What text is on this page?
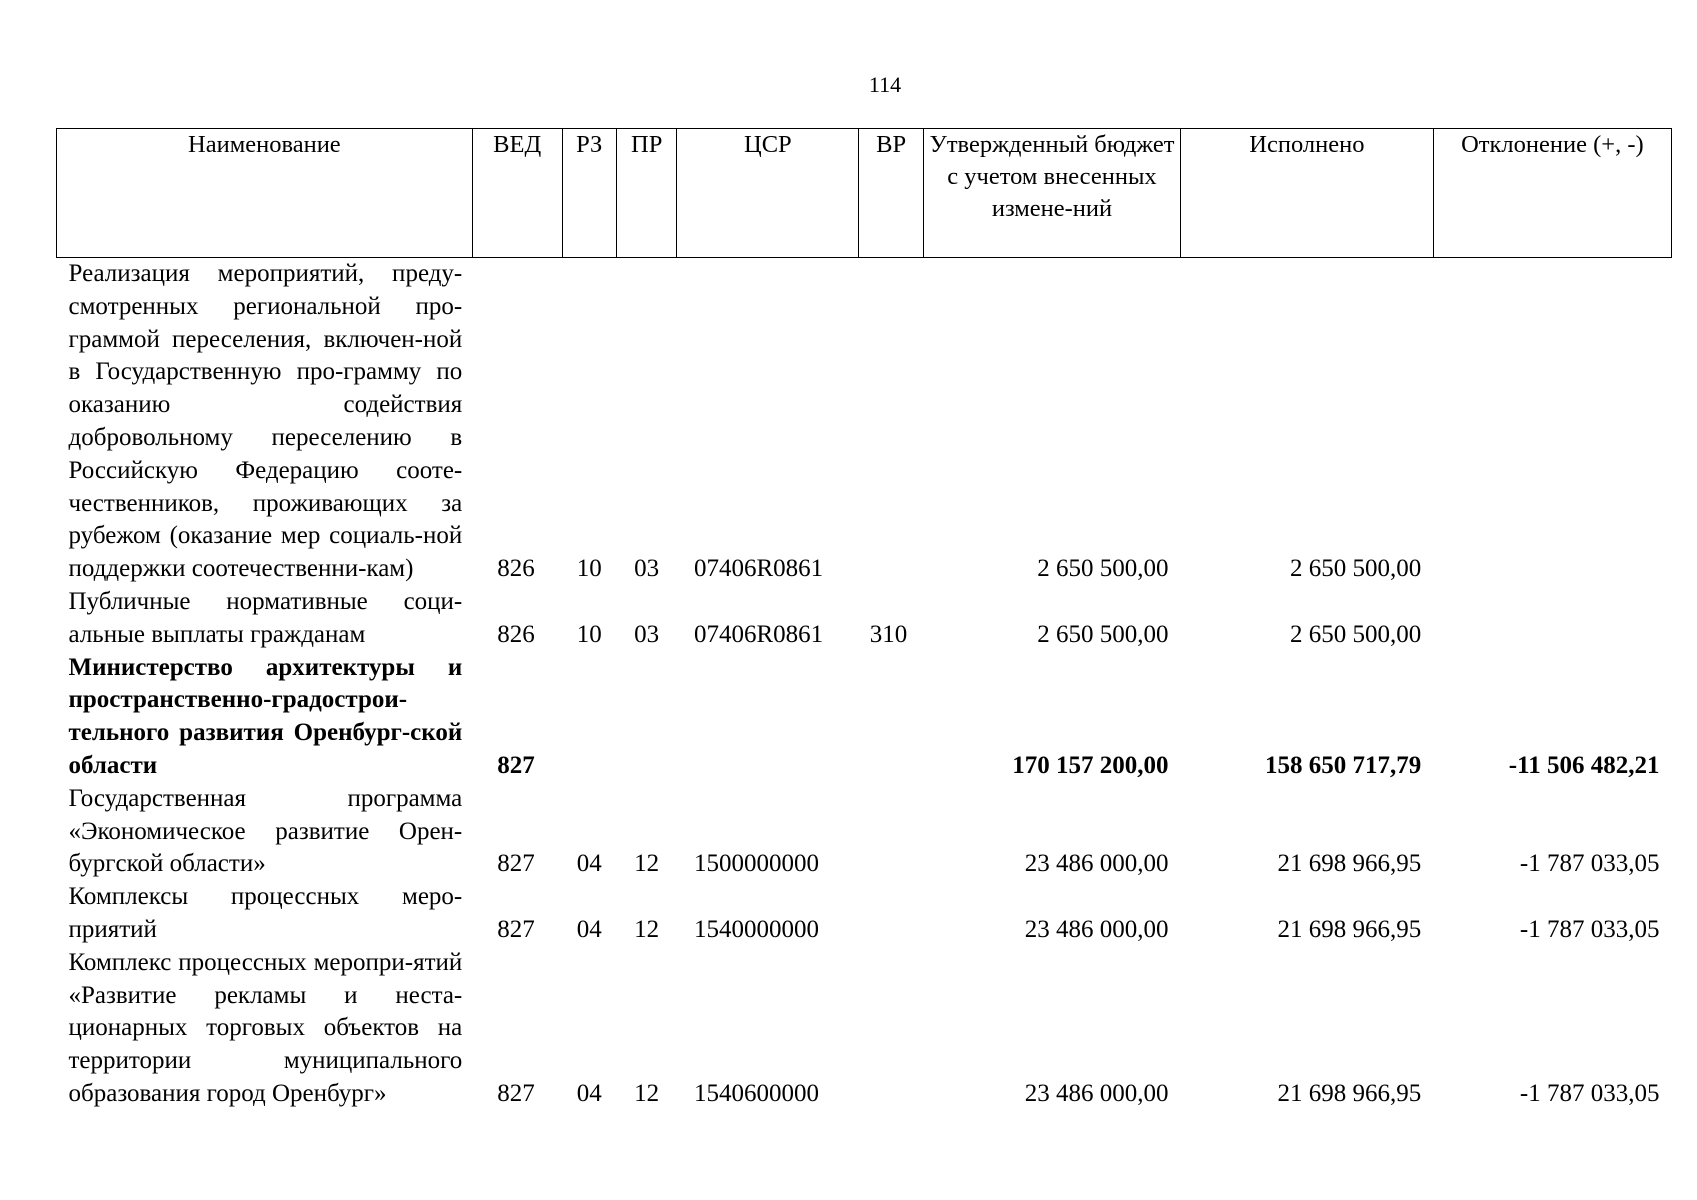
114
Наименование	ВЕД	РЗ	ПР	ЦСР	ВР	Утвержденный бюджет с учетом внесенных измене-ний	Исполнено	Отклонение (+, -)
Реализация мероприятий, преду-смотренных региональной про-граммой переселения, включен-ной в Государственную про-грамму по оказанию содействия добровольному переселению в Российскую Федерацию сооте-чественников, проживающих за рубежом (оказание мер социаль-ной поддержки соотечественни-кам)	826	10	03	07406R0861		2 650 500,00	2 650 500,00	
Публичные нормативные соци-альные выплаты гражданам	826	10	03	07406R0861	310	2 650 500,00	2 650 500,00	
Министерство архитектуры и пространственно-градострои-тельного развития Оренбург-ской области	827					170 157 200,00	158 650 717,79	-11 506 482,21
Государственная программа «Экономическое развитие Орен-бургской области»	827	04	12	1500000000		23 486 000,00	21 698 966,95	-1 787 033,05
Комплексы процессных меро-приятий	827	04	12	1540000000		23 486 000,00	21 698 966,95	-1 787 033,05
Комплекс процессных меропри-ятий «Развитие рекламы и неста-ционарных торговых объектов на территории муниципального образования город Оренбург»	827	04	12	1540600000		23 486 000,00	21 698 966,95	-1 787 033,05
